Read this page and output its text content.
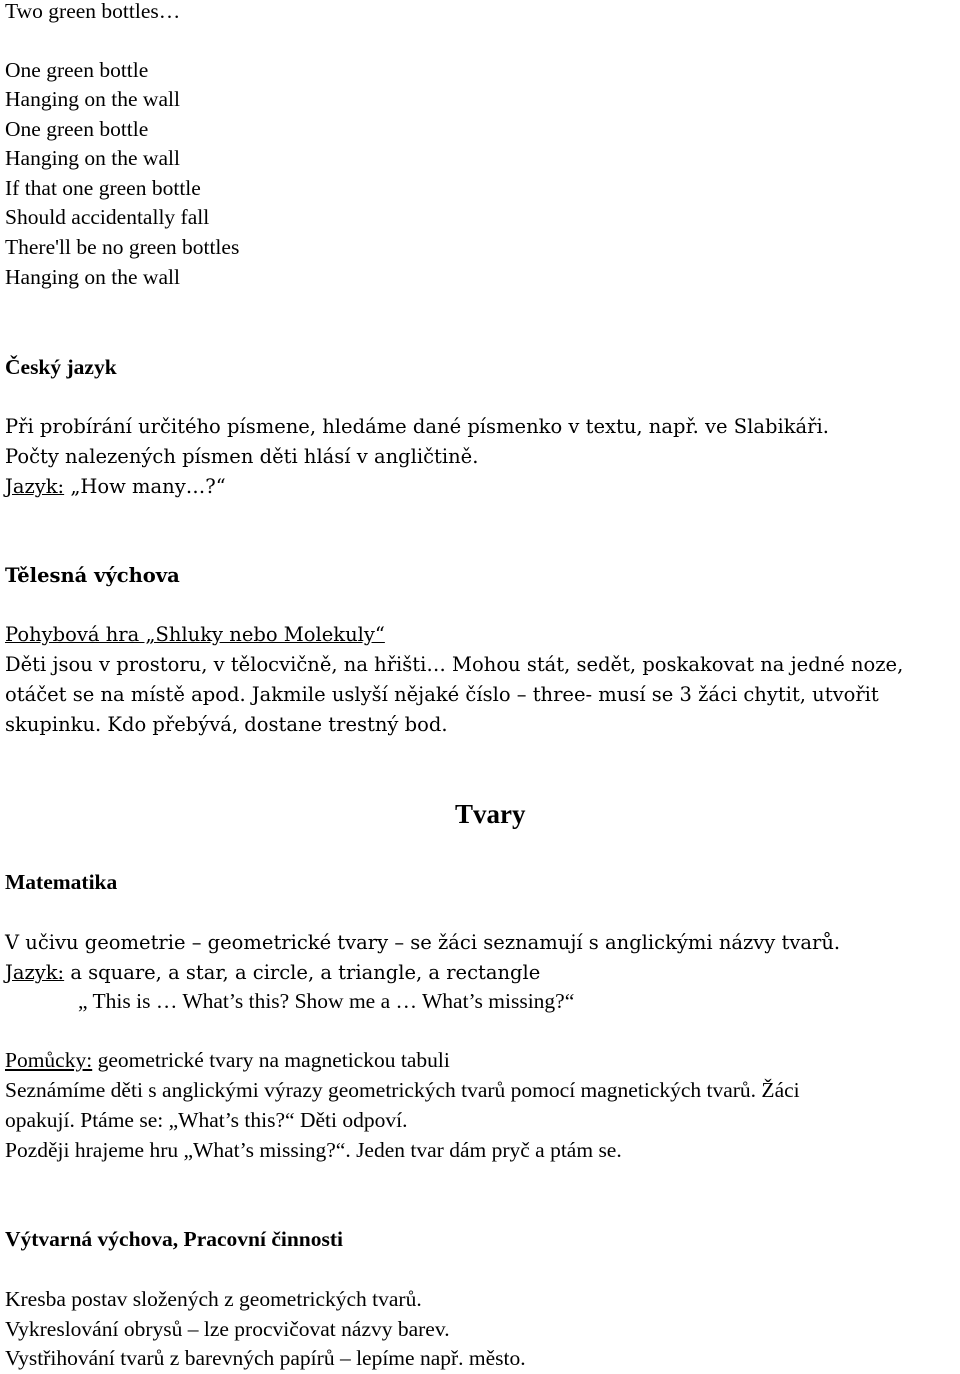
Two green bottles…
One green bottle
Hanging on the wall
One green bottle
Hanging on the wall
If that one green bottle
Should accidentally fall
There'll be no green bottles
Hanging on the wall
Český jazyk
Při probírání určitého písmene, hledáme dané písmenko v textu, např. ve Slabikáři.
Počty nalezených písmen děti hlásí v angličtině.
Jazyk: „How many…?“
Tělesná výchova
Pohybová hra „Shluky nebo Molekuly“
Děti jsou v prostoru, v tělocvičně, na hřišti… Mohou stát, sedět, poskakovat na jedné noze,
otáčet se na místě apod. Jakmile uslyší nějaké číslo – three- musí se 3 žáci chytit, utvořit
skupinku. Kdo přebývá, dostane trestný bod.
Tvary
Matematika
V učivu geometrie – geometrické tvary – se žáci seznamují s anglickými názvy tvarů.
Jazyk: a square, a star, a circle, a triangle, a rectangle
„ This is … What’s this? Show me a … What’s missing?“
Pomůcky: geometrické tvary na magnetickou tabuli
Seznámíme děti s anglickými výrazy geometrických tvarů pomocí magnetických tvarů. Žáci
opakují. Ptáme se: „What’s this?“ Děti odpoví.
Později hrajeme hru „What’s missing?“. Jeden tvar dám pryč a ptám se.
Výtvarná výchova, Pracovní činnosti
Kresba postav složených z geometrických tvarů.
Vykreslování obrysů – lze procvičovat názvy barev.
Vystřihování tvarů z barevných papírů – lepíme např. město.
